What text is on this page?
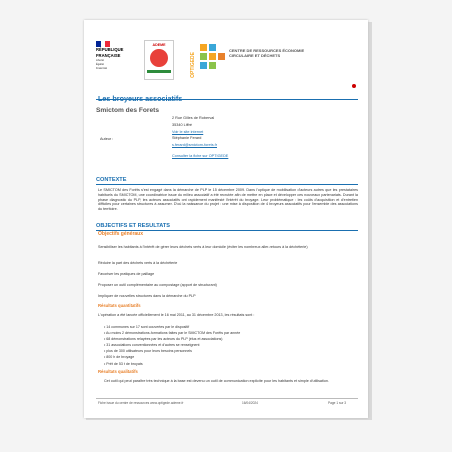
RÉPUBLIQUE
FRANÇAISE
Liberté
Égalité
Fraternité
ADEME
OPTIGEDE
CENTRE DE RESSOURCES ÉCONOMIE
CIRCULAIRE ET DÉCHETS
Les broyeurs associatifs
Smictom des Forets
2 Rue Gilles de Roberval
35340 Liffré
Voir le site internet
Stéphanie Ferard
s.ferard@smictom-forets.fr
Consulter la fiche sur OPTIGEDE
Auteur :
CONTEXTE
Le SMICTOM des Forêts s'est engagé dans la démarche de PLP le 15 décembre 2009. Dans l'optique de mobilisation d'acteurs autres que les prestataires habituels du SMICTOM, une coordinatrice issue du milieu associatif a été recrutée afin de mettre en place et développer ces nouveaux partenariats. Durant la phase diagnostic du PLP, les acteurs associatifs ont rapidement manifesté l'intérêt du broyage. Leur problématique : les coûts d'acquisition et d'entretien difficiles pour certaines structures à assumer. D'où la naissance du projet : une mise à disposition de 4 broyeurs associatifs pour l'ensemble des associations du territoire.
OBJECTIFS ET RESULTATS
Objectifs généraux
Sensibiliser les habitants à l'intérêt de gérer leurs déchets verts à leur domicile (éviter les nombreux aller-retours à la déchèterie)
Réduire la part des déchets verts à la déchèterie
Favoriser les pratiques de paillage
Proposer un outil complémentaire au compostage (apport de structurant)
Impliquer de nouvelles structures dans la démarche du PLP
Résultats quantitatifs
L'opération a été lancée officiellement le 16 mai 2011, au 31 décembre 2013, les résultats sont :
• 14 communes sur 17 sont couvertes par le dispositif
• Au moins 2 démonstrations-formations faites par le SMICTOM des Forêts par année
• 68 démonstrations relayées par les acteurs du PLP (élus et associations)
• 31 associations conventionnées et d'autres se renseignent
• plus de 300 utilisateurs pour leurs besoins personnels
• 800 h de broyage
• Prêt de 53 t de broyats
Résultats qualitatifs
Cet outil qui peut paraître très technique à la base est devenu un outil de communication explicite pour les habitants et simple d'utilisation.
Fiche issue du centre de ressources www.optigede.ademe.fr	16/04/2024	Page 1 sur 3
